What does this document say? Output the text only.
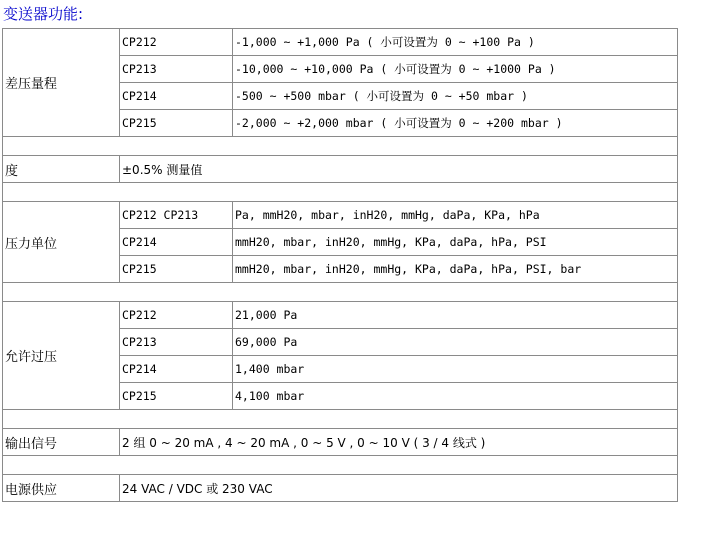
变送器功能:
差压量程	CP212	-1,000 ~ +1,000 Pa ( 小可设置为 0 ~ +100 Pa )
	CP213	-10,000 ~ +10,000 Pa ( 小可设置为 0 ~ +1000 Pa )
	CP214	-500 ~ +500 mbar ( 小可设置为 0 ~ +50 mbar )
	CP215	-2,000 ~ +2,000 mbar ( 小可设置为 0 ~ +200 mbar )

度	±0.5% 测量值	

压力单位	CP212 CP213	Pa, mmH20, mbar, inH20, mmHg, daPa, KPa, hPa
	CP214	mmH20, mbar, inH20, mmHg, KPa, daPa, hPa, PSI
	CP215	mmH20, mbar, inH20, mmHg, KPa, daPa, hPa, PSI, bar

允许过压	CP212	21,000 Pa
	CP213	69,000 Pa
	CP214	1,400 mbar
	CP215	4,100 mbar

输出信号	2 组 0 ~ 20 mA , 4 ~ 20 mA , 0 ~ 5 V , 0 ~ 10 V ( 3 / 4 线式 )	

电源供应	24 VAC / VDC 或 230 VAC	
